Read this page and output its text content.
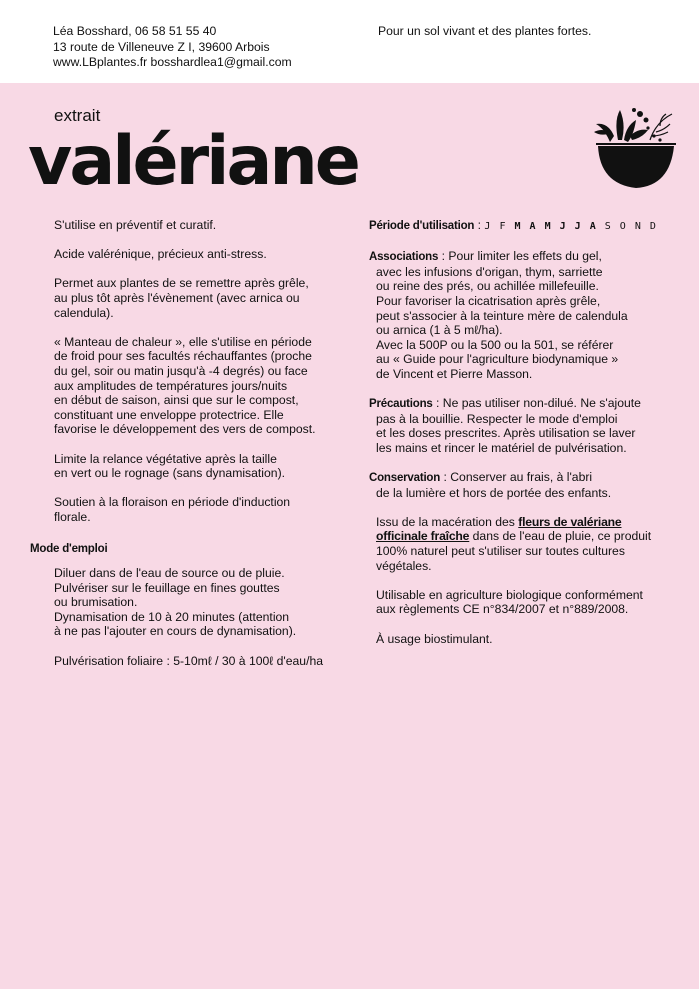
Léa Bosshard, 06 58 51 55 40
13 route de Villeneuve Z I, 39600 Arbois
www.LBplantes.fr bosshardlea1@gmail.com
Pour un sol vivant et des plantes fortes.
extrait
valériane

S'utilise en préventif et curatif.

Acide valérénique, précieux anti-stress.

Permet aux plantes de se remettre après grêle,

au plus tôt après l'évènement (avec arnica ou

calendula).

« Manteau de chaleur », elle s'utilise en période

de froid pour ses facultés réchauffantes (proche

du gel, soir ou matin jusqu'à -4 degrés) ou face

aux amplitudes de températures jours/nuits

en début de saison, ainsi que sur le compost,

constituant une enveloppe protectrice. Elle

favorise le développement des vers de compost.

Limite la relance végétative après la taille

en vert ou le rognage (sans dynamisation).

Soutien à la floraison en période d'induction

florale.

Mode d'emploi

Diluer dans de l'eau de source ou de pluie.

Pulvériser sur le feuillage en fines gouttes

ou brumisation.

Dynamisation de 10 à 20 minutes (attention

à ne pas l'ajouter en cours de dynamisation).

Pulvérisation foliaire : 5-10mℓ / 30 à 100ℓ d'eau/ha

Période d'utilisation : J F M A M J J A S O N D

Associations : Pour limiter les effets du gel,

avec les infusions d'origan, thym, sarriette

ou reine des prés, ou achillée millefeuille.

Pour favoriser la cicatrisation après grêle,

peut s'associer à la teinture mère de calendula

ou arnica (1 à 5 mℓ/ha).

Avec la 500P ou la 500 ou la 501, se référer

au « Guide pour l'agriculture biodynamique »

de Vincent et Pierre Masson.

Précautions : Ne pas utiliser non-dilué. Ne s'ajoute

pas à la bouillie. Respecter le mode d'emploi

et les doses prescrites. Après utilisation se laver

les mains et rincer le matériel de pulvérisation.

Conservation : Conserver au frais, à l'abri

de la lumière et hors de portée des enfants.

Issu de la macération des fleurs de valériane

officinale fraîche dans de l'eau de pluie, ce produit

100% naturel peut s'utiliser sur toutes cultures

végétales.

Utilisable en agriculture biologique conformément

aux règlements CE n°834/2007 et n°889/2008.

À usage biostimulant.
